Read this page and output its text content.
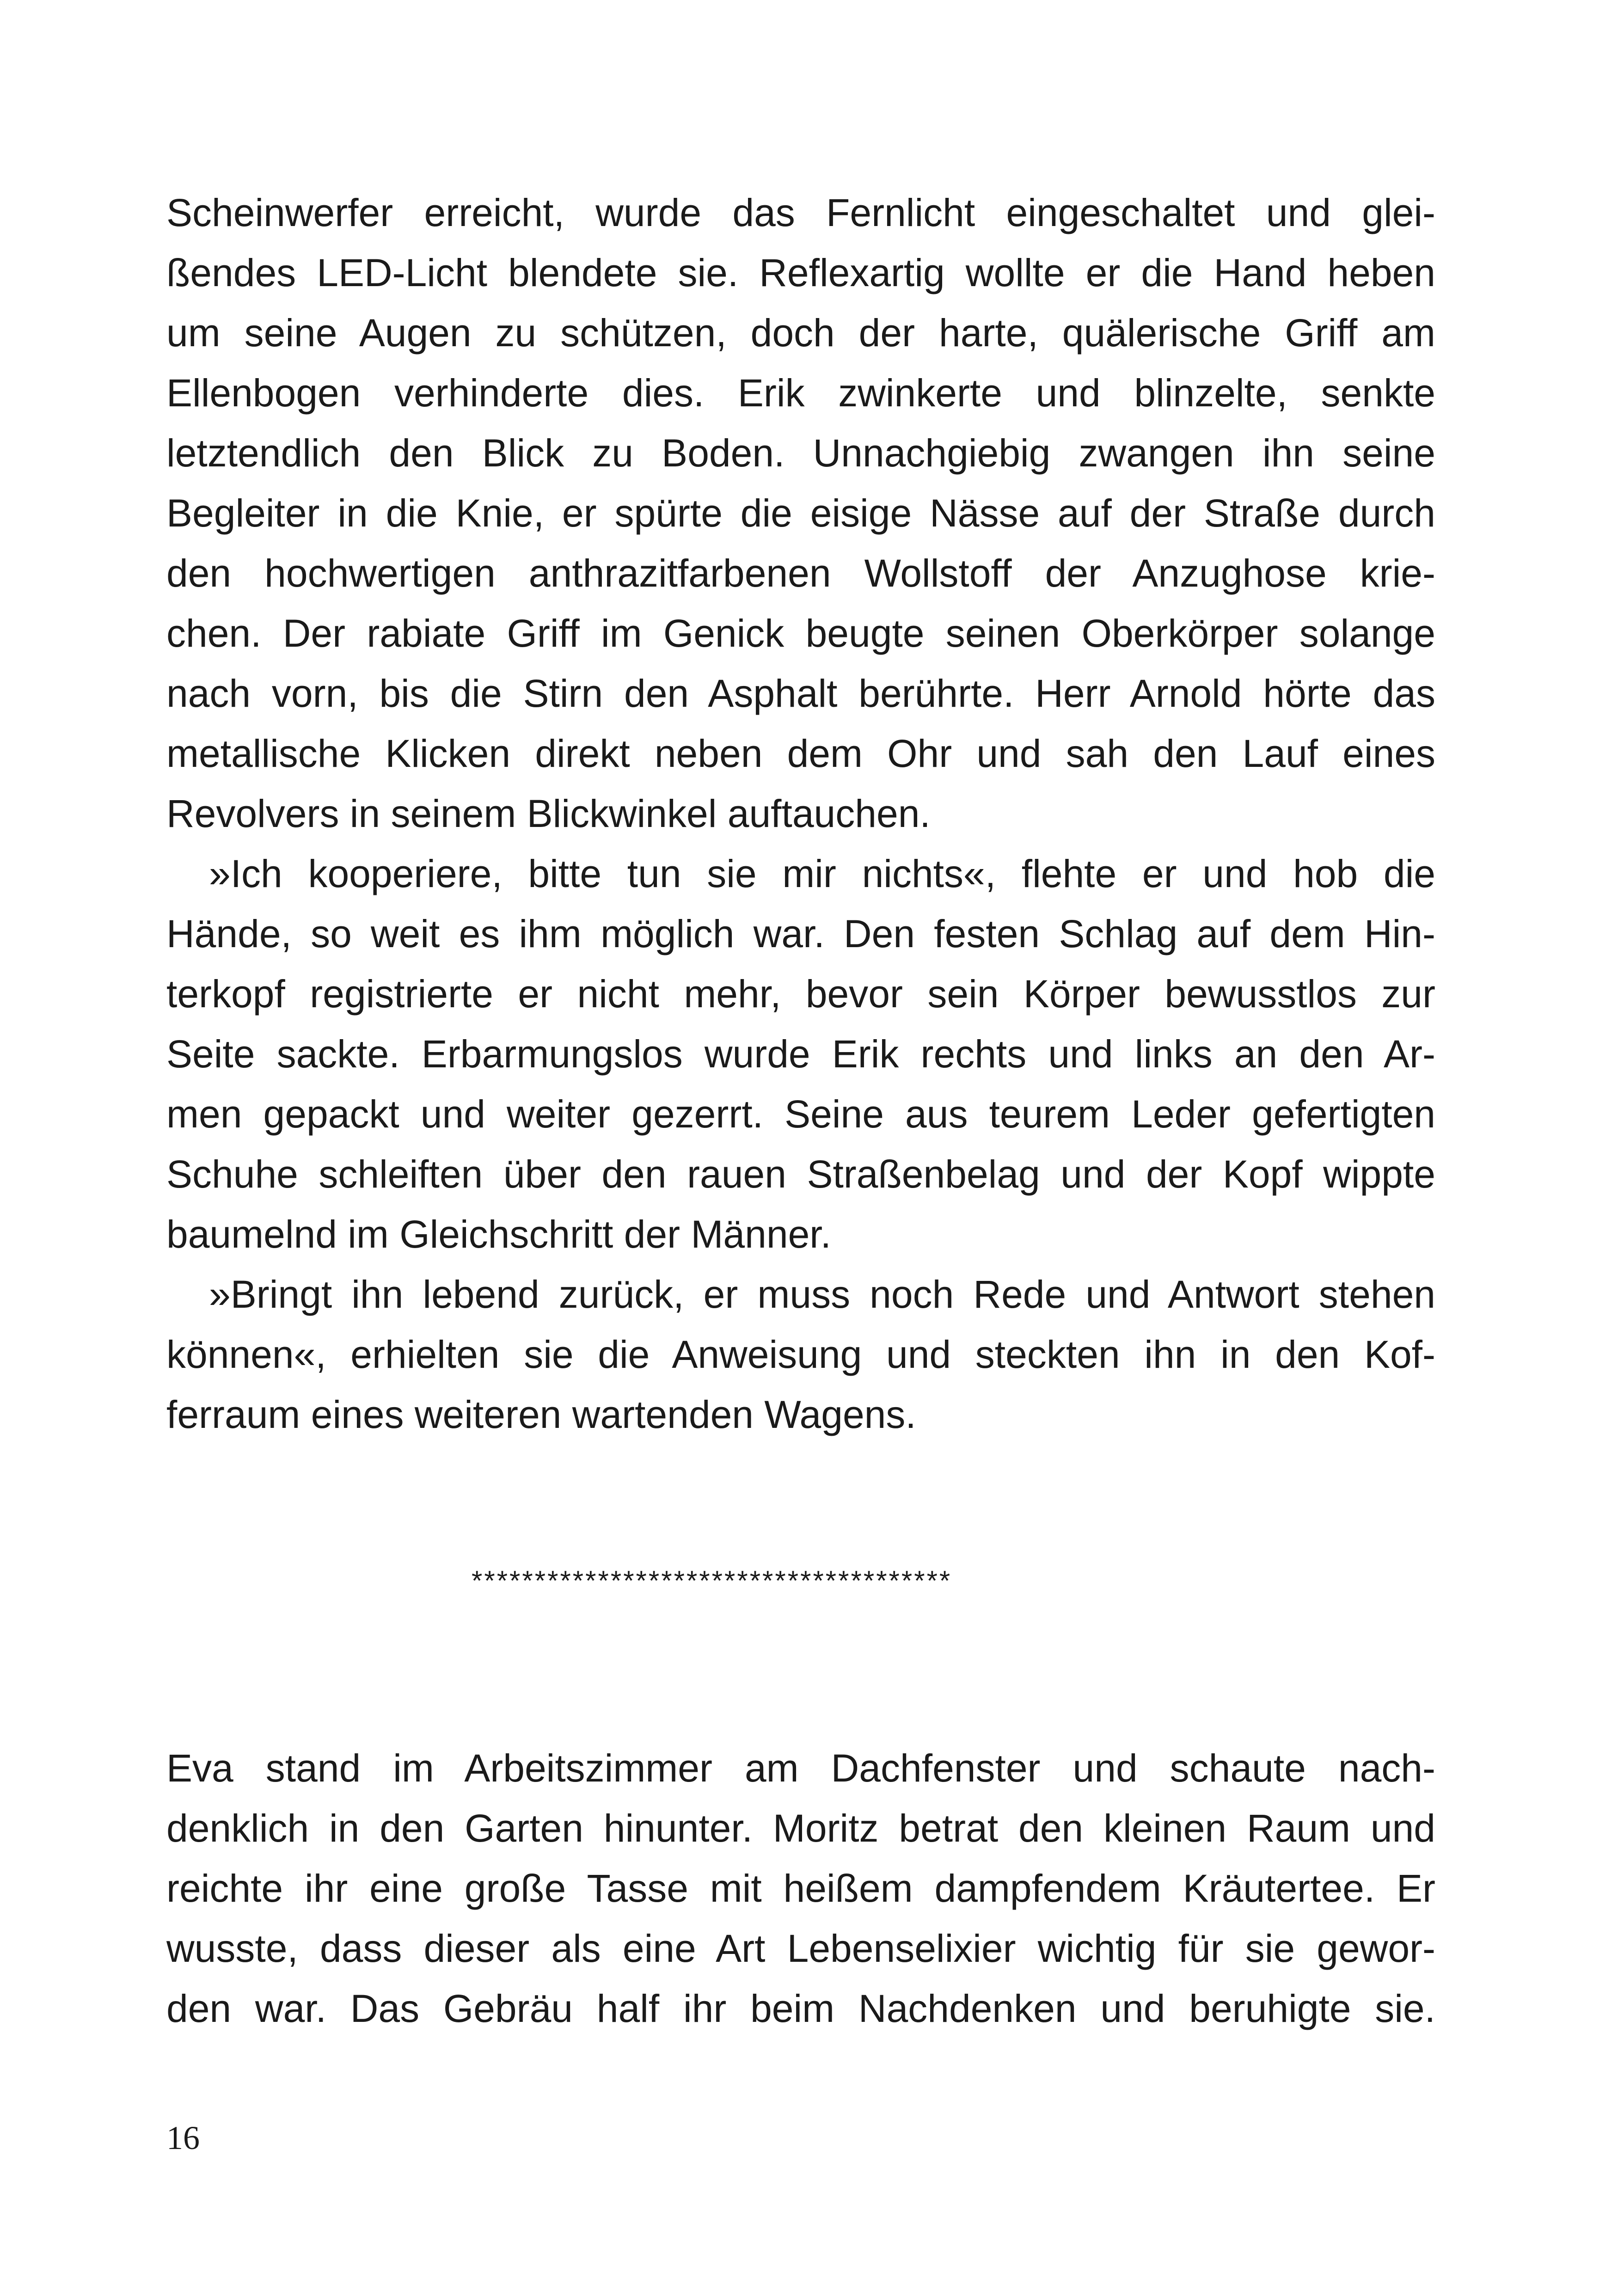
Scheinwerfer erreicht, wurde das Fernlicht eingeschaltet und glei-
ßendes LED-Licht blendete sie. Reflexartig wollte er die Hand heben
um seine Augen zu schützen, doch der harte, quälerische Griff am
Ellenbogen verhinderte dies. Erik zwinkerte und blinzelte, senkte
letztendlich den Blick zu Boden. Unnachgiebig zwangen ihn seine
Begleiter in die Knie, er spürte die eisige Nässe auf der Straße durch
den hochwertigen anthrazitfarbenen Wollstoff der Anzughose krie-
chen. Der rabiate Griff im Genick beugte seinen Oberkörper solange
nach vorn, bis die Stirn den Asphalt berührte. Herr Arnold hörte das
metallische Klicken direkt neben dem Ohr und sah den Lauf eines
Revolvers in seinem Blickwinkel auftauchen.
»Ich kooperiere, bitte tun sie mir nichts«, flehte er und hob die
Hände, so weit es ihm möglich war. Den festen Schlag auf dem Hin-
terkopf registrierte er nicht mehr, bevor sein Körper bewusstlos zur
Seite sackte. Erbarmungslos wurde Erik rechts und links an den Ar-
men gepackt und weiter gezerrt. Seine aus teurem Leder gefertigten
Schuhe schleiften über den rauen Straßenbelag und der Kopf wippte
baumelnd im Gleichschritt der Männer.
»Bringt ihn lebend zurück, er muss noch Rede und Antwort stehen
können«, erhielten sie die Anweisung und steckten ihn in den Kof-
ferraum eines weiteren wartenden Wagens.
**************************************
Eva stand im Arbeitszimmer am Dachfenster und schaute nach-
denklich in den Garten hinunter. Moritz betrat den kleinen Raum und
reichte ihr eine große Tasse mit heißem dampfendem Kräutertee. Er
wusste, dass dieser als eine Art Lebenselixier wichtig für sie gewor-
den war. Das Gebräu half ihr beim Nachdenken und beruhigte sie.
16
